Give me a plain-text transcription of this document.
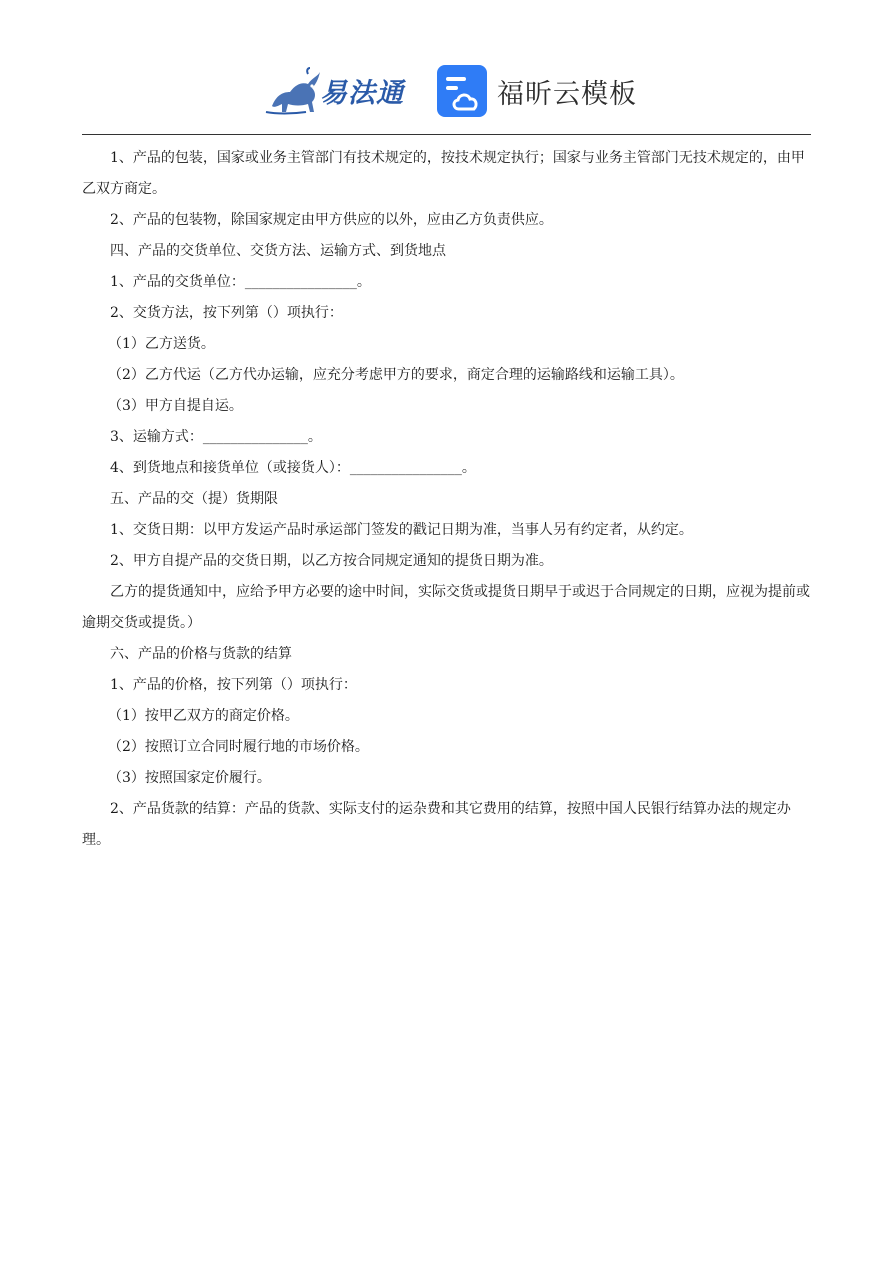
易法通	福昕云模板

1、产品的包装，国家或业务主管部门有技术规定的，按技术规定执行；国家与业务主管部门无技术规定的，由甲乙双方商定。

2、产品的包装物，除国家规定由甲方供应的以外，应由乙方负责供应。

四、产品的交货单位、交货方法、运输方式、到货地点

1、产品的交货单位：________________。

2、交货方法，按下列第（）项执行：

（1）乙方送货。

（2）乙方代运（乙方代办运输，应充分考虑甲方的要求，商定合理的运输路线和运输工具）。

（3）甲方自提自运。

3、运输方式：_______________。

4、到货地点和接货单位（或接货人）：________________。

五、产品的交（提）货期限

1、交货日期：以甲方发运产品时承运部门签发的戳记日期为准，当事人另有约定者，从约定。

2、甲方自提产品的交货日期，以乙方按合同规定通知的提货日期为准。

乙方的提货通知中，应给予甲方必要的途中时间，实际交货或提货日期早于或迟于合同规定的日期，应视为提前或逾期交货或提货。）

六、产品的价格与货款的结算

1、产品的价格，按下列第（）项执行：

（1）按甲乙双方的商定价格。

（2）按照订立合同时履行地的市场价格。

（3）按照国家定价履行。

2、产品货款的结算：产品的货款、实际支付的运杂费和其它费用的结算，按照中国人民银行结算办法的规定办理。
